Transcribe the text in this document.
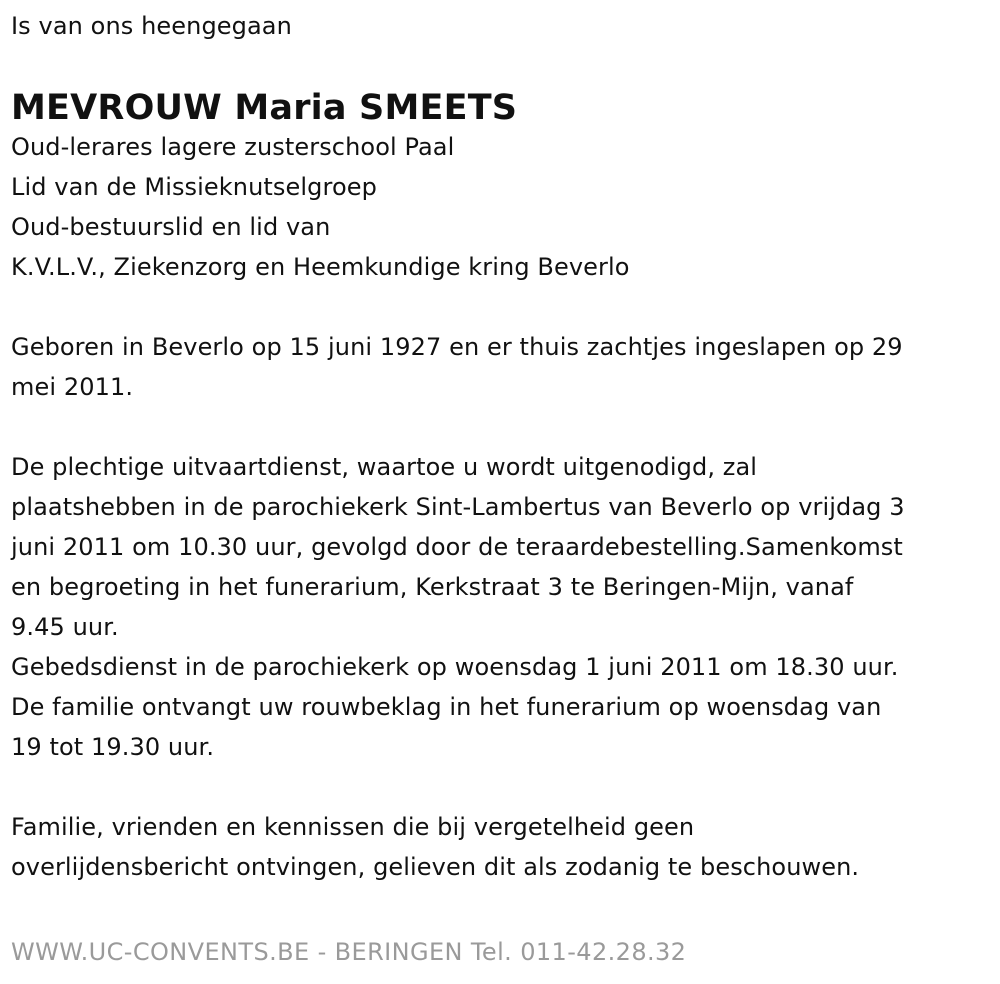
Is van ons heengegaan
MEVROUW Maria SMEETS
Oud-lerares lagere zusterschool Paal
Lid van de Missieknutselgroep
Oud-bestuurslid en lid van
K.V.L.V., Ziekenzorg en Heemkundige kring Beverlo
Geboren in Beverlo op 15 juni 1927 en er thuis zachtjes ingeslapen op 29
mei 2011.
De plechtige uitvaartdienst, waartoe u wordt uitgenodigd, zal
plaatshebben in de parochiekerk Sint-Lambertus van Beverlo op vrijdag 3
juni 2011 om 10.30 uur, gevolgd door de teraardebestelling.Samenkomst
en begroeting in het funerarium, Kerkstraat 3 te Beringen-Mijn, vanaf
9.45 uur.
Gebedsdienst in de parochiekerk op woensdag 1 juni 2011 om 18.30 uur.
De familie ontvangt uw rouwbeklag in het funerarium op woensdag van
19 tot 19.30 uur.
Familie, vrienden en kennissen die bij vergetelheid geen
overlijdensbericht ontvingen, gelieven dit als zodanig te beschouwen.
WWW.UC-CONVENTS.BE - BERINGEN Tel. 011-42.28.32
